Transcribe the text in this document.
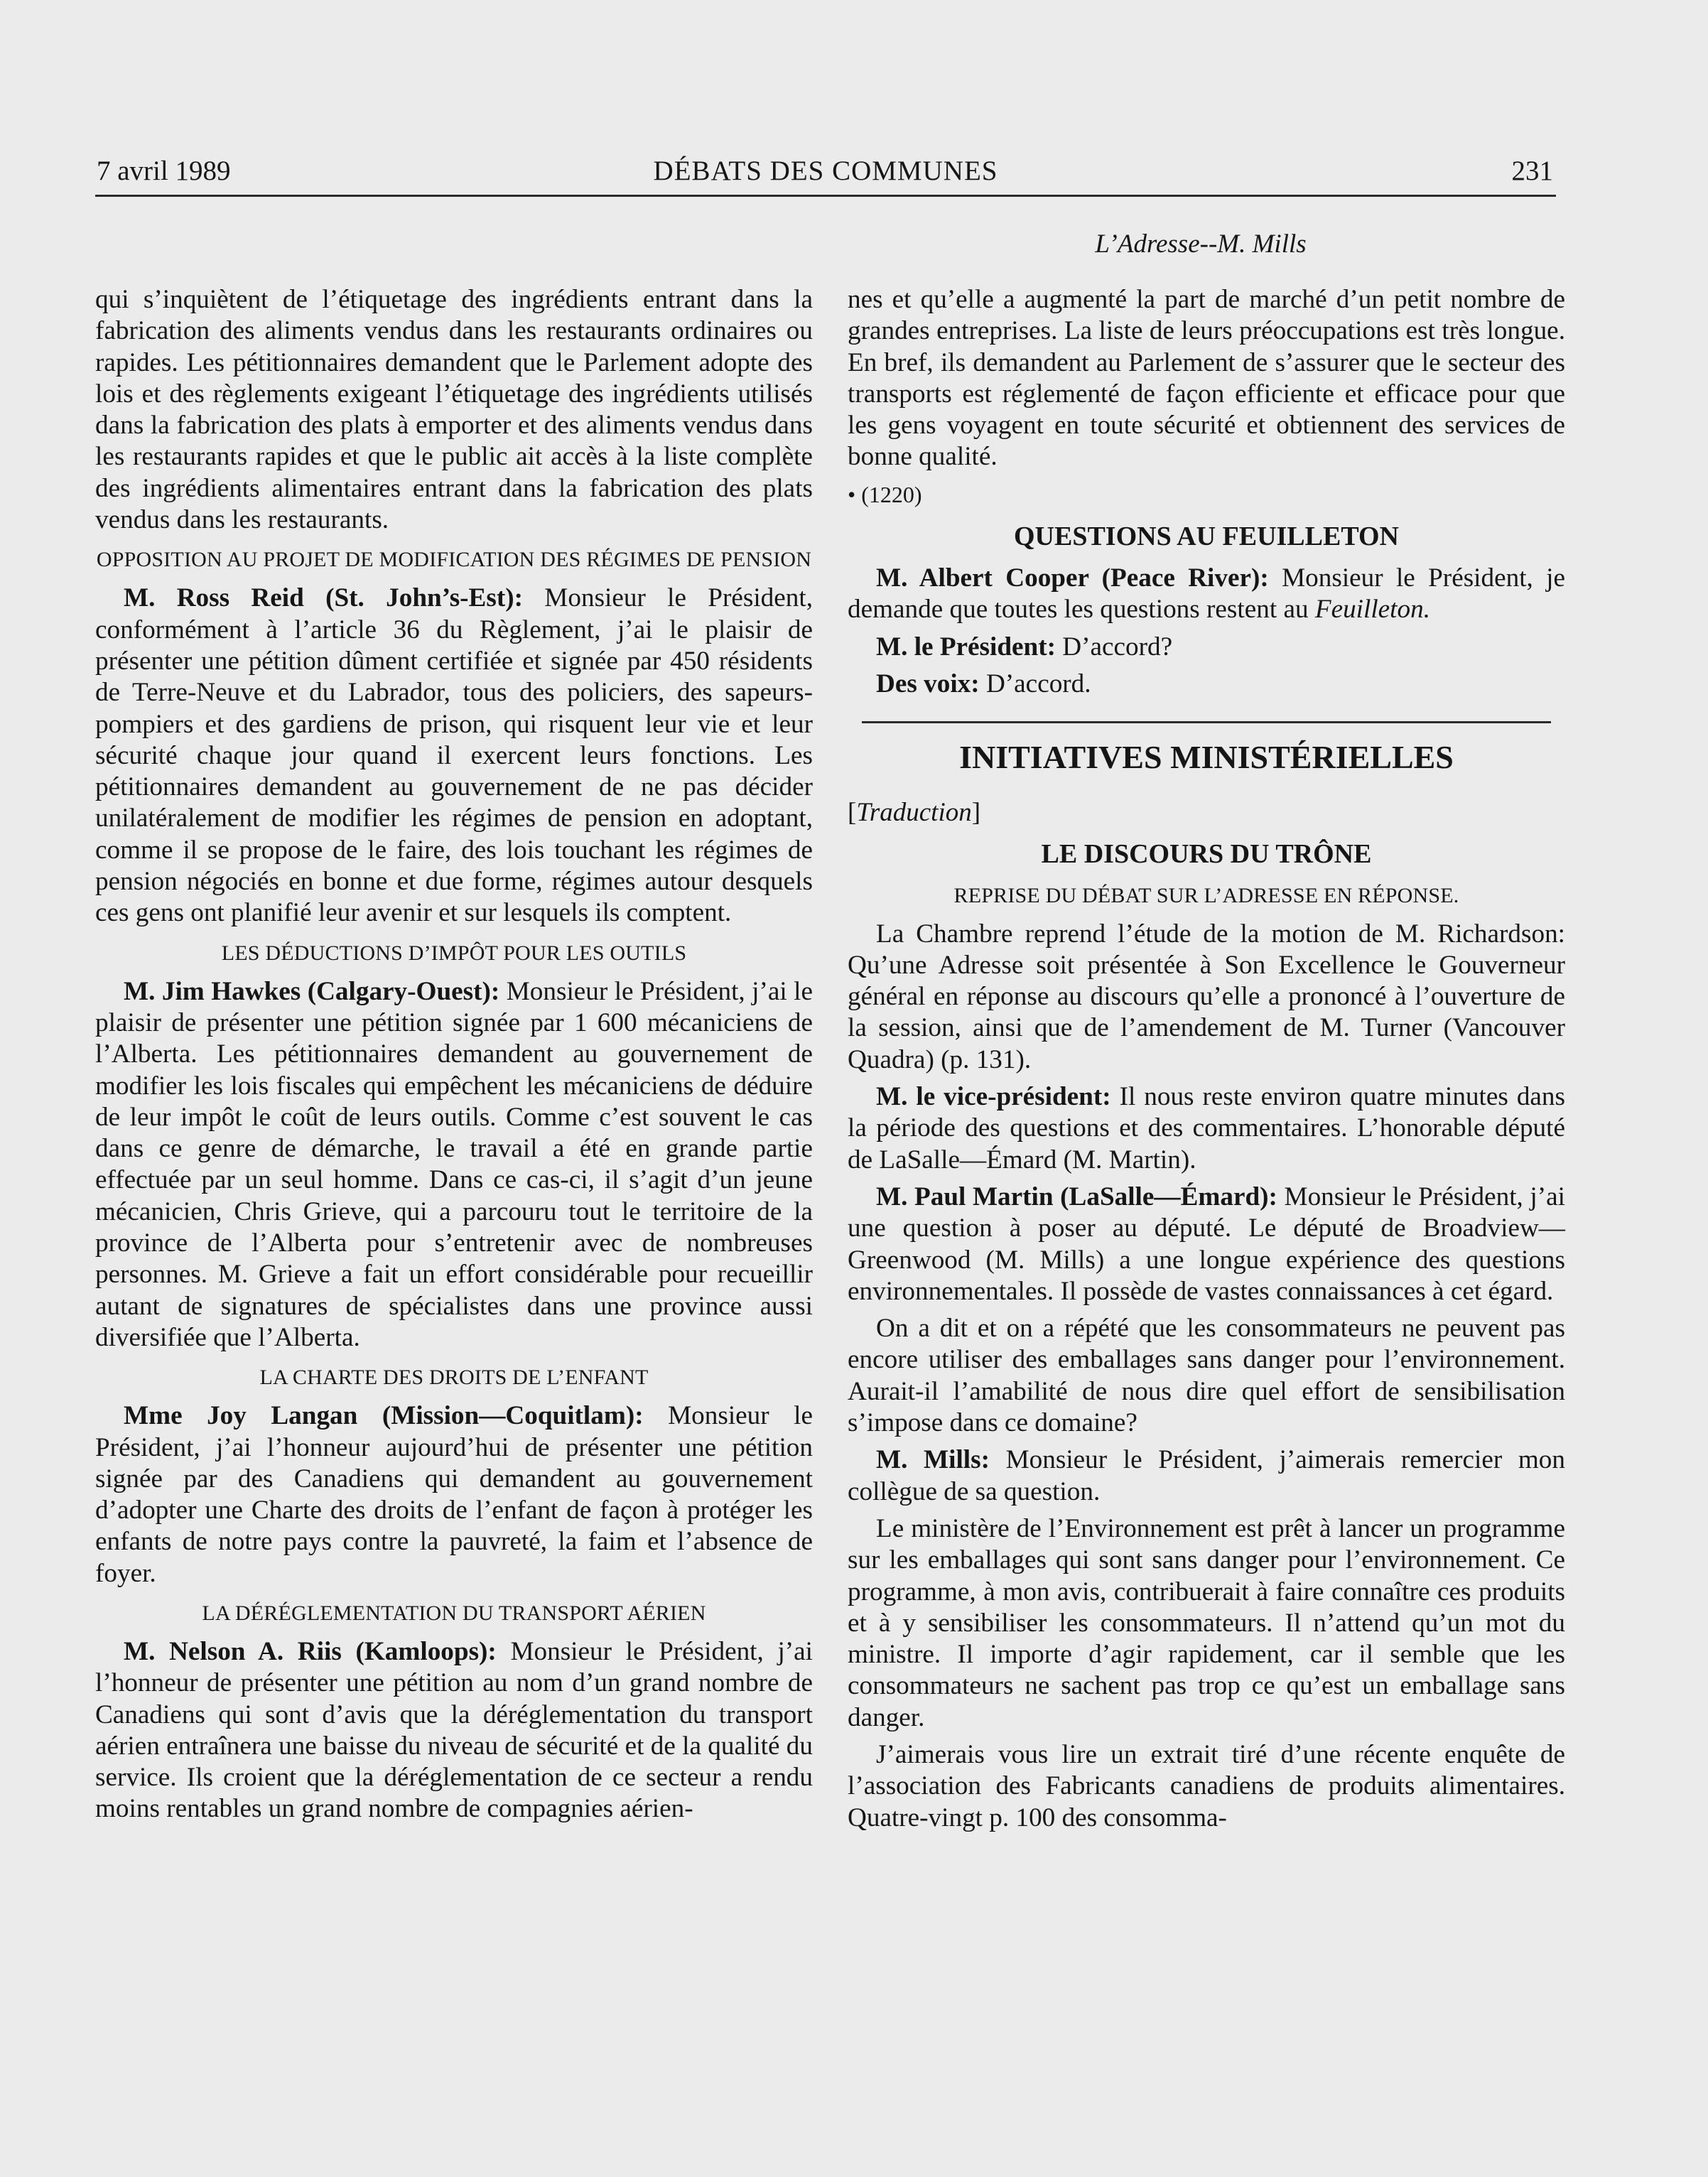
7 avril 1989	DÉBATS DES COMMUNES	231
L’Adresse--M. Mills

qui s’inquiètent de l’étiquetage des ingrédients entrant dans la fabrication des aliments vendus dans les restaurants ordinaires ou rapides. Les pétitionnaires demandent que le Parlement adopte des lois et des règlements exigeant l’étiquetage des ingrédients utilisés dans la fabrication des plats à emporter et des aliments vendus dans les restaurants rapides et que le public ait accès à la liste complète des ingrédients alimentaires entrant dans la fabrication des plats vendus dans les restaurants.

OPPOSITION AU PROJET DE MODIFICATION DES RÉGIMES DE PENSION

M. Ross Reid (St. John’s-Est): Monsieur le Président, conformément à l’article 36 du Règlement, j’ai le plaisir de présenter une pétition dûment certifiée et signée par 450 résidents de Terre-Neuve et du Labrador, tous des policiers, des sapeurs-pompiers et des gardiens de prison, qui risquent leur vie et leur sécurité chaque jour quand il exercent leurs fonctions. Les pétitionnaires demandent au gouvernement de ne pas décider unilatéralement de modifier les régimes de pension en adoptant, comme il se propose de le faire, des lois touchant les régimes de pension négociés en bonne et due forme, régimes autour desquels ces gens ont planifié leur avenir et sur lesquels ils comptent.

LES DÉDUCTIONS D’IMPÔT POUR LES OUTILS

M. Jim Hawkes (Calgary-Ouest): Monsieur le Président, j’ai le plaisir de présenter une pétition signée par 1 600 mécaniciens de l’Alberta. Les pétitionnaires demandent au gouvernement de modifier les lois fiscales qui empêchent les mécaniciens de déduire de leur impôt le coût de leurs outils. Comme c’est souvent le cas dans ce genre de démarche, le travail a été en grande partie effectuée par un seul homme. Dans ce cas-ci, il s’agit d’un jeune mécanicien, Chris Grieve, qui a parcouru tout le territoire de la province de l’Alberta pour s’entretenir avec de nombreuses personnes. M. Grieve a fait un effort considérable pour recueillir autant de signatures de spécialistes dans une province aussi diversifiée que l’Alberta.

LA CHARTE DES DROITS DE L’ENFANT

Mme Joy Langan (Mission—Coquitlam): Monsieur le Président, j’ai l’honneur aujourd’hui de présenter une pétition signée par des Canadiens qui demandent au gouvernement d’adopter une Charte des droits de l’enfant de façon à protéger les enfants de notre pays contre la pauvreté, la faim et l’absence de foyer.

LA DÉRÉGLEMENTATION DU TRANSPORT AÉRIEN

M. Nelson A. Riis (Kamloops): Monsieur le Président, j’ai l’honneur de présenter une pétition au nom d’un grand nombre de Canadiens qui sont d’avis que la déréglementation du transport aérien entraînera une baisse du niveau de sécurité et de la qualité du service. Ils croient que la déréglementation de ce secteur a rendu moins rentables un grand nombre de compagnies aérien-

nes et qu’elle a augmenté la part de marché d’un petit nombre de grandes entreprises. La liste de leurs préoccupations est très longue. En bref, ils demandent au Parlement de s’assurer que le secteur des transports est réglementé de façon efficiente et efficace pour que les gens voyagent en toute sécurité et obtiennent des services de bonne qualité.

• (1220)
QUESTIONS AU FEUILLETON

M. Albert Cooper (Peace River): Monsieur le Président, je demande que toutes les questions restent au Feuilleton.

M. le Président: D’accord?

Des voix: D’accord.

INITIATIVES MINISTÉRIELLES
[Traduction]
LE DISCOURS DU TRÔNE
REPRISE DU DÉBAT SUR L’ADRESSE EN RÉPONSE.

La Chambre reprend l’étude de la motion de M. Richardson: Qu’une Adresse soit présentée à Son Excellence le Gouverneur général en réponse au discours qu’elle a prononcé à l’ouverture de la session, ainsi que de l’amendement de M. Turner (Vancouver Quadra) (p. 131).

M. le vice-président: Il nous reste environ quatre minutes dans la période des questions et des commentaires. L’honorable député de LaSalle—Émard (M. Martin).

M. Paul Martin (LaSalle—Émard): Monsieur le Président, j’ai une question à poser au député. Le député de Broadview—Greenwood (M. Mills) a une longue expérience des questions environnementales. Il possède de vastes connaissances à cet égard.

On a dit et on a répété que les consommateurs ne peuvent pas encore utiliser des emballages sans danger pour l’environnement. Aurait-il l’amabilité de nous dire quel effort de sensibilisation s’impose dans ce domaine?

M. Mills: Monsieur le Président, j’aimerais remercier mon collègue de sa question.

Le ministère de l’Environnement est prêt à lancer un programme sur les emballages qui sont sans danger pour l’environnement. Ce programme, à mon avis, contribuerait à faire connaître ces produits et à y sensibiliser les consommateurs. Il n’attend qu’un mot du ministre. Il importe d’agir rapidement, car il semble que les consommateurs ne sachent pas trop ce qu’est un emballage sans danger.

J’aimerais vous lire un extrait tiré d’une récente enquête de l’association des Fabricants canadiens de produits alimentaires. Quatre-vingt p. 100 des consomma-
